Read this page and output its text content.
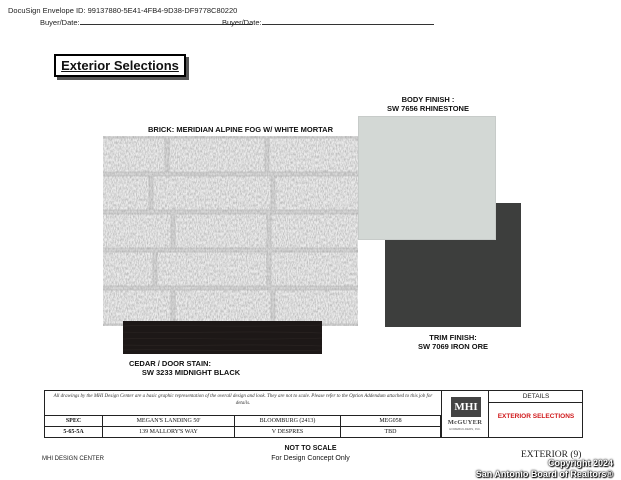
DocuSign Envelope ID: 99137880-5E41-4FB4-9D38-DF9778C80220
Buyer/Date:	Buyer/Date:
Exterior Selections
BODY FINISH :
SW 7656 RHINESTONE
BRICK: MERIDIAN ALPINE FOG W/ WHITE MORTAR
TRIM FINISH:
SW 7069 IRON ORE
CEDAR / DOOR STAIN:
SW 3233 MIDNIGHT BLACK
All drawings by the MHI Design Center are a basic graphic representation of the overall design and look. They are not to scale. Please refer to the Option Addendum attached to this job for details.
SPEC	MEGAN'S LANDING 50'	BLOOMBURG (2413)	MEG058
5-65-5A	139 MALLORY'S WAY	V DESPRES	TBD
MHI
McGUYER
HOMEBUILDERS, INC.
DETAILS
EXTERIOR SELECTIONS
NOT TO SCALE
For Design Concept Only
MHI DESIGN CENTER	EXTERIOR (9)
Copyright 2024
San Antonio Board of Realtors®
